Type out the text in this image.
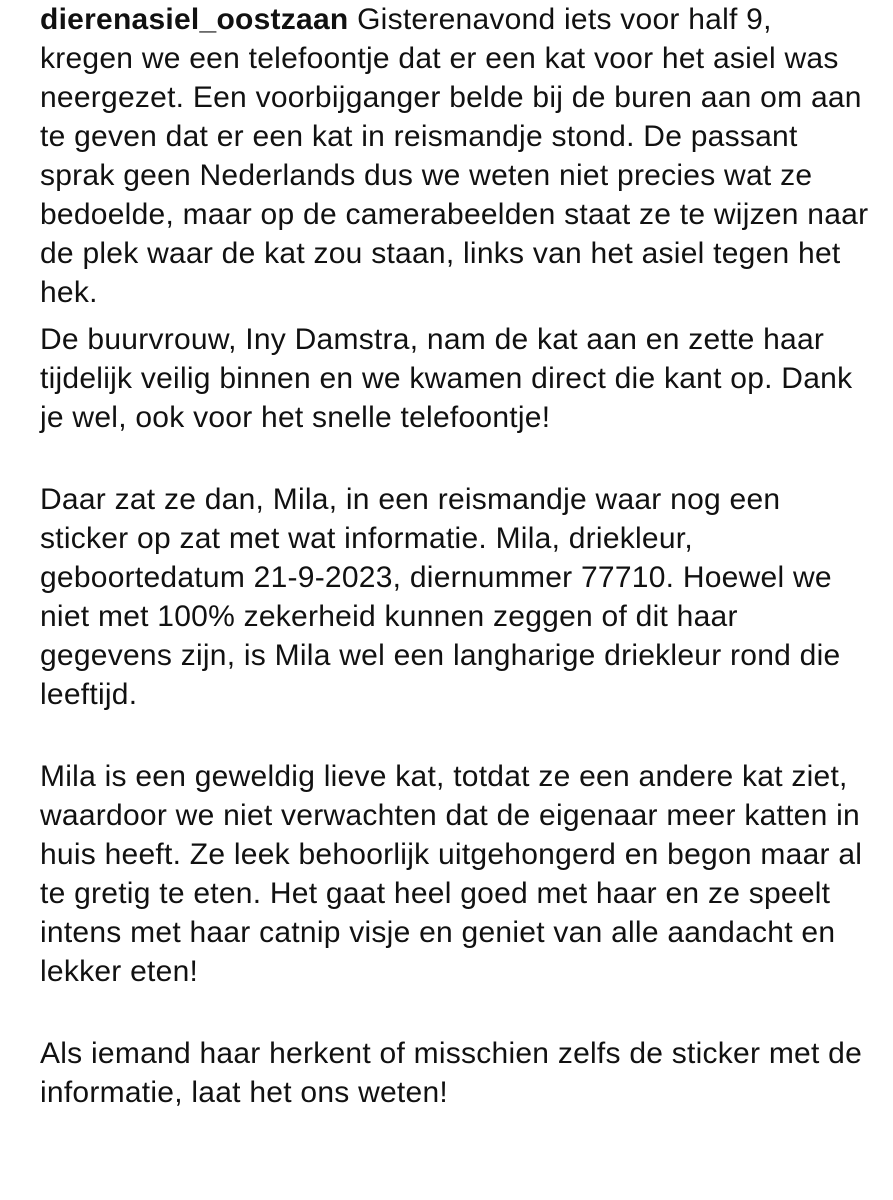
dierenasiel_oostzaan Gisterenavond iets voor half 9, kregen we een telefoontje dat er een kat voor het asiel was neergezet. Een voorbijganger belde bij de buren aan om aan te geven dat er een kat in reismandje stond. De passant sprak geen Nederlands dus we weten niet precies wat ze bedoelde, maar op de camerabeelden staat ze te wijzen naar de plek waar de kat zou staan, links van het asiel tegen het hek.

De buurvrouw, Iny Damstra, nam de kat aan en zette haar tijdelijk veilig binnen en we kwamen direct die kant op. Dank je wel, ook voor het snelle telefoontje!

Daar zat ze dan, Mila, in een reismandje waar nog een sticker op zat met wat informatie. Mila, driekleur, geboortedatum 21-9-2023, diernummer 77710. Hoewel we niet met 100% zekerheid kunnen zeggen of dit haar gegevens zijn, is Mila wel een langharige driekleur rond die leeftijd.

Mila is een geweldig lieve kat, totdat ze een andere kat ziet, waardoor we niet verwachten dat de eigenaar meer katten in huis heeft. Ze leek behoorlijk uitgehongerd en begon maar al te gretig te eten. Het gaat heel goed met haar en ze speelt intens met haar catnip visje en geniet van alle aandacht en lekker eten!

Als iemand haar herkent of misschien zelfs de sticker met de informatie, laat het ons weten!
